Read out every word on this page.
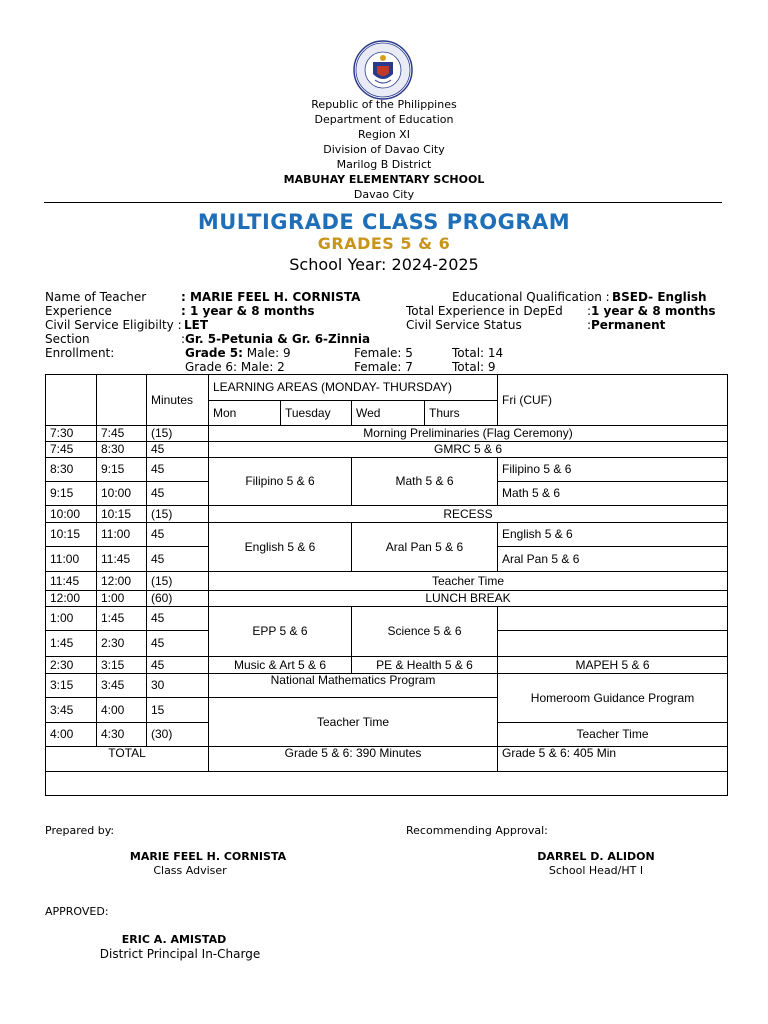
Republic of the Philippines
Department of Education
Region XI
Division of Davao City
Marilog B District
MABUHAY ELEMENTARY SCHOOL
Davao City
MULTIGRADE CLASS PROGRAM
GRADES 5 & 6
School Year: 2024-2025
Name of Teacher	: MARIE FEEL H. CORNISTA	Educational Qualification : BSED- English
Experience	: 1 year & 8 months	Total Experience in DepEd : 1 year & 8 months
Civil Service Eligibilty : LET	Civil Service Status	: Permanent
Section	: Gr. 5-Petunia & Gr. 6-Zinnia
Enrollment:	Grade 5: Male: 9	Female: 5	Total: 14
Grade 6: Male: 2	Female: 7	Total: 9
		Minutes	LEARNING AREAS (MONDAY- THURSDAY)				Fri (CUF)
			Mon	Tuesday	Wed	Thurs	
7:30	7:45	(15)	Morning Preliminaries (Flag Ceremony)				
7:45	8:30	45	GMRC 5 & 6				
8:30	9:15	45	Filipino 5 & 6		Math 5 & 6		Filipino 5 & 6
9:15	10:00	45					Math 5 & 6
10:00	10:15	(15)	RECESS				
10:15	11:00	45	English 5 & 6		Aral Pan 5 & 6		English 5 & 6
11:00	11:45	45					Aral Pan 5 & 6
11:45	12:00	(15)	Teacher Time				
12:00	1:00	(60)	LUNCH BREAK				
1:00	1:45	45	EPP 5 & 6		Science 5 & 6		
1:45	2:30	45					
2:30	3:15	45	Music & Art 5 & 6		PE & Health 5 & 6		MAPEH 5 & 6
3:15	3:45	30	National Mathematics Program				Homeroom Guidance Program
3:45	4:00	15	Teacher Time				
4:00	4:30	(30)					Teacher Time
TOTAL			Grade 5 & 6: 390 Minutes				Grade 5 & 6: 405 Min

Prepared by:	Recommending Approval:
MARIE FEEL H. CORNISTA
Class Adviser
DARREL D. ALIDON
School Head/HT I
APPROVED:
ERIC A. AMISTAD
District Principal In-Charge
